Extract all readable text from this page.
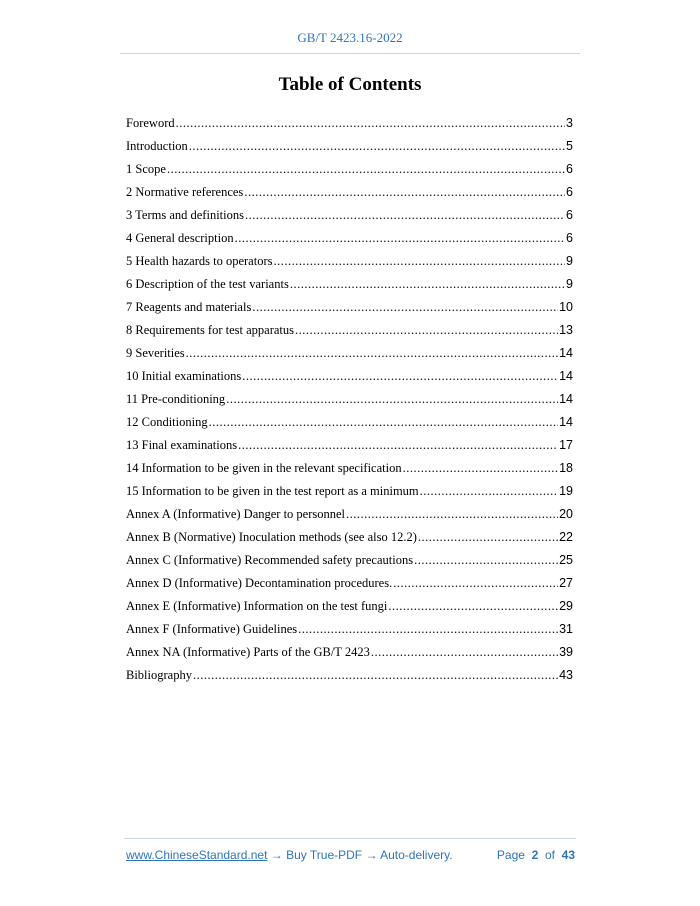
GB/T 2423.16-2022
Table of Contents
Foreword .....	3
Introduction .....	5
1 Scope .....	6
2 Normative references .....	6
3 Terms and definitions .....	6
4 General description .....	6
5 Health hazards to operators .....	9
6 Description of the test variants .....	9
7 Reagents and materials .....	10
8 Requirements for test apparatus .....	13
9 Severities .....	14
10 Initial examinations .....	14
11 Pre-conditioning .....	14
12 Conditioning .....	14
13 Final examinations .....	17
14 Information to be given in the relevant specification .....	18
15 Information to be given in the test report as a minimum .....	19
Annex A (Informative) Danger to personnel .....	20
Annex B (Normative) Inoculation methods (see also 12.2) .....	22
Annex C (Informative) Recommended safety precautions .....	25
Annex D (Informative) Decontamination procedures. .....	27
Annex E (Informative) Information on the test fungi .....	29
Annex F (Informative) Guidelines .....	31
Annex NA (Informative) Parts of the GB/T 2423 .....	39
Bibliography .....	43
www.ChineseStandard.net → Buy True-PDF → Auto-delivery.	Page 2 of 43
